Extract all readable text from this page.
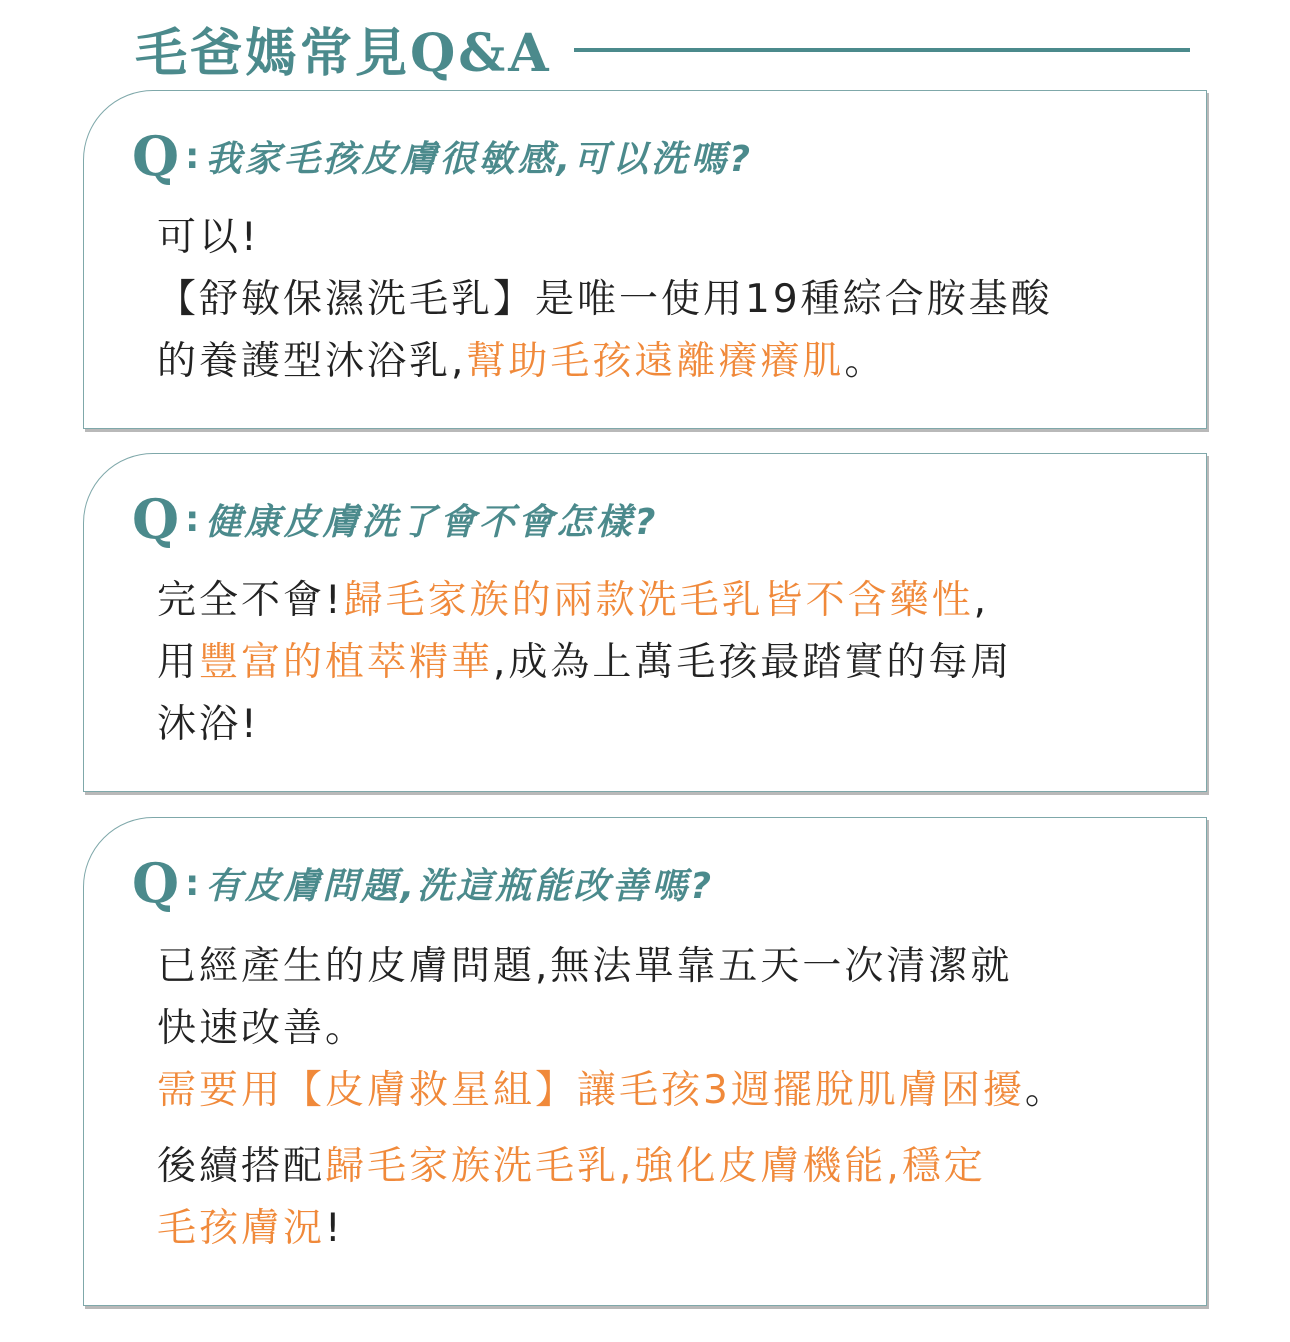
毛爸媽常見Q&A
Q : 我家毛孩皮膚很敏感,可以洗嗎?

可以!

【舒敏保濕洗毛乳】是唯一使用19種綜合胺基酸

的養護型沐浴乳,幫助毛孩遠離癢癢肌。

Q : 健康皮膚洗了會不會怎樣?

完全不會!歸毛家族的兩款洗毛乳皆不含藥性,

用豐富的植萃精華,成為上萬毛孩最踏實的每周

沐浴!

Q : 有皮膚問題,洗這瓶能改善嗎?

已經產生的皮膚問題,無法單靠五天一次清潔就

快速改善。

需要用【皮膚救星組】讓毛孩3週擺脫肌膚困擾。

後續搭配歸毛家族洗毛乳,強化皮膚機能,穩定

毛孩膚況!
